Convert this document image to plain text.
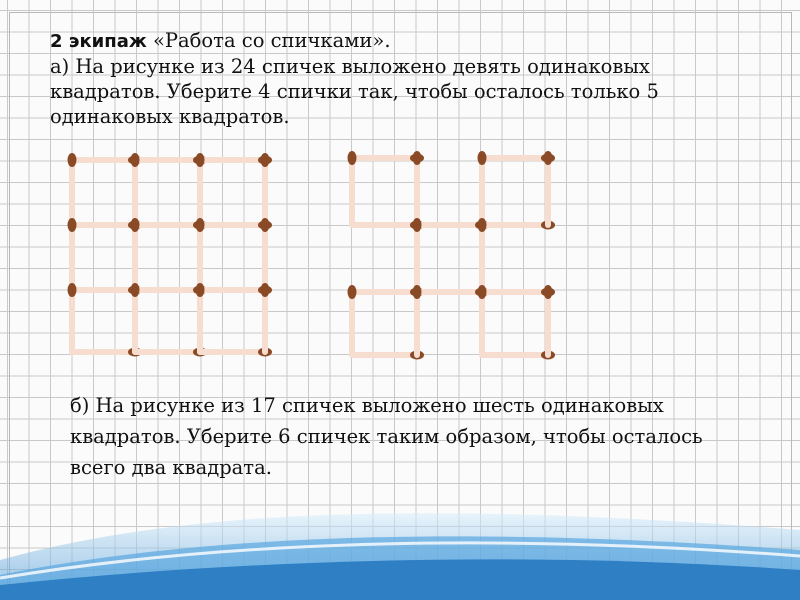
2 экипаж «Работа со спичками».
а) На рисунке из 24 спичек выложено девять одинаковых
квадратов. Уберите 4 спички так, чтобы осталось только 5
одинаковых квадратов.
б) На рисунке из 17 спичек выложено шесть одинаковых
квадратов. Уберите 6 спичек таким образом, чтобы осталось
всего два квадрата.
